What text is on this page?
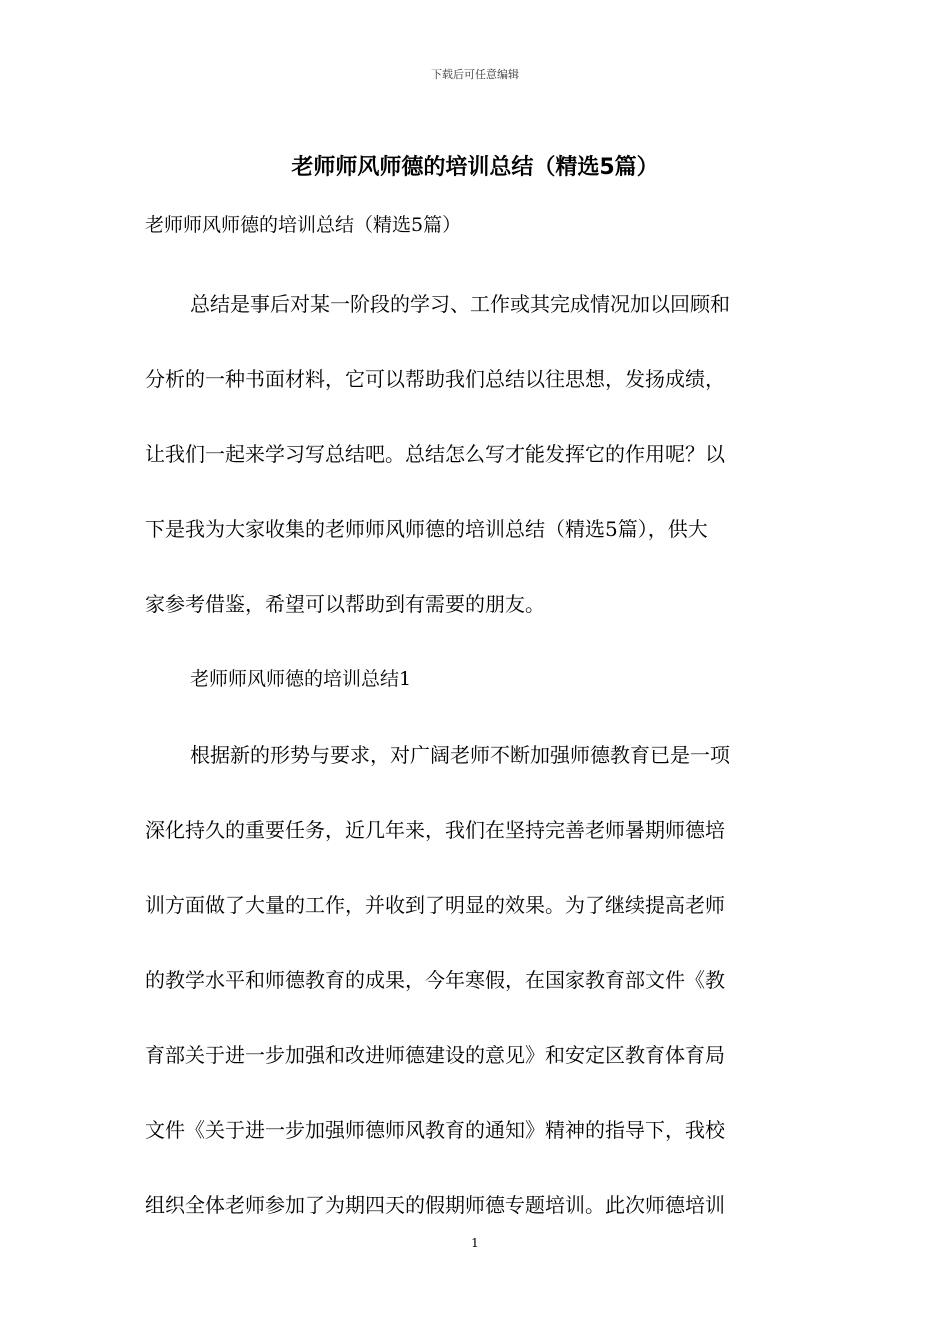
下载后可任意编辑
老师师风师德的培训总结（精选5篇）
老师师风师德的培训总结（精选5篇）
总结是事后对某一阶段的学习、工作或其完成情况加以回顾和
分析的一种书面材料，它可以帮助我们总结以往思想，发扬成绩，
让我们一起来学习写总结吧。总结怎么写才能发挥它的作用呢？以
下是我为大家收集的老师师风师德的培训总结（精选5篇），供大
家参考借鉴，希望可以帮助到有需要的朋友。
老师师风师德的培训总结1
根据新的形势与要求，对广阔老师不断加强师德教育已是一项
深化持久的重要任务，近几年来，我们在坚持完善老师暑期师德培
训方面做了大量的工作，并收到了明显的效果。为了继续提高老师
的教学水平和师德教育的成果，今年寒假，在国家教育部文件《教
育部关于进一步加强和改进师德建设的意见》和安定区教育体育局
文件《关于进一步加强师德师风教育的通知》精神的指导下，我校
组织全体老师参加了为期四天的假期师德专题培训。此次师德培训
1
